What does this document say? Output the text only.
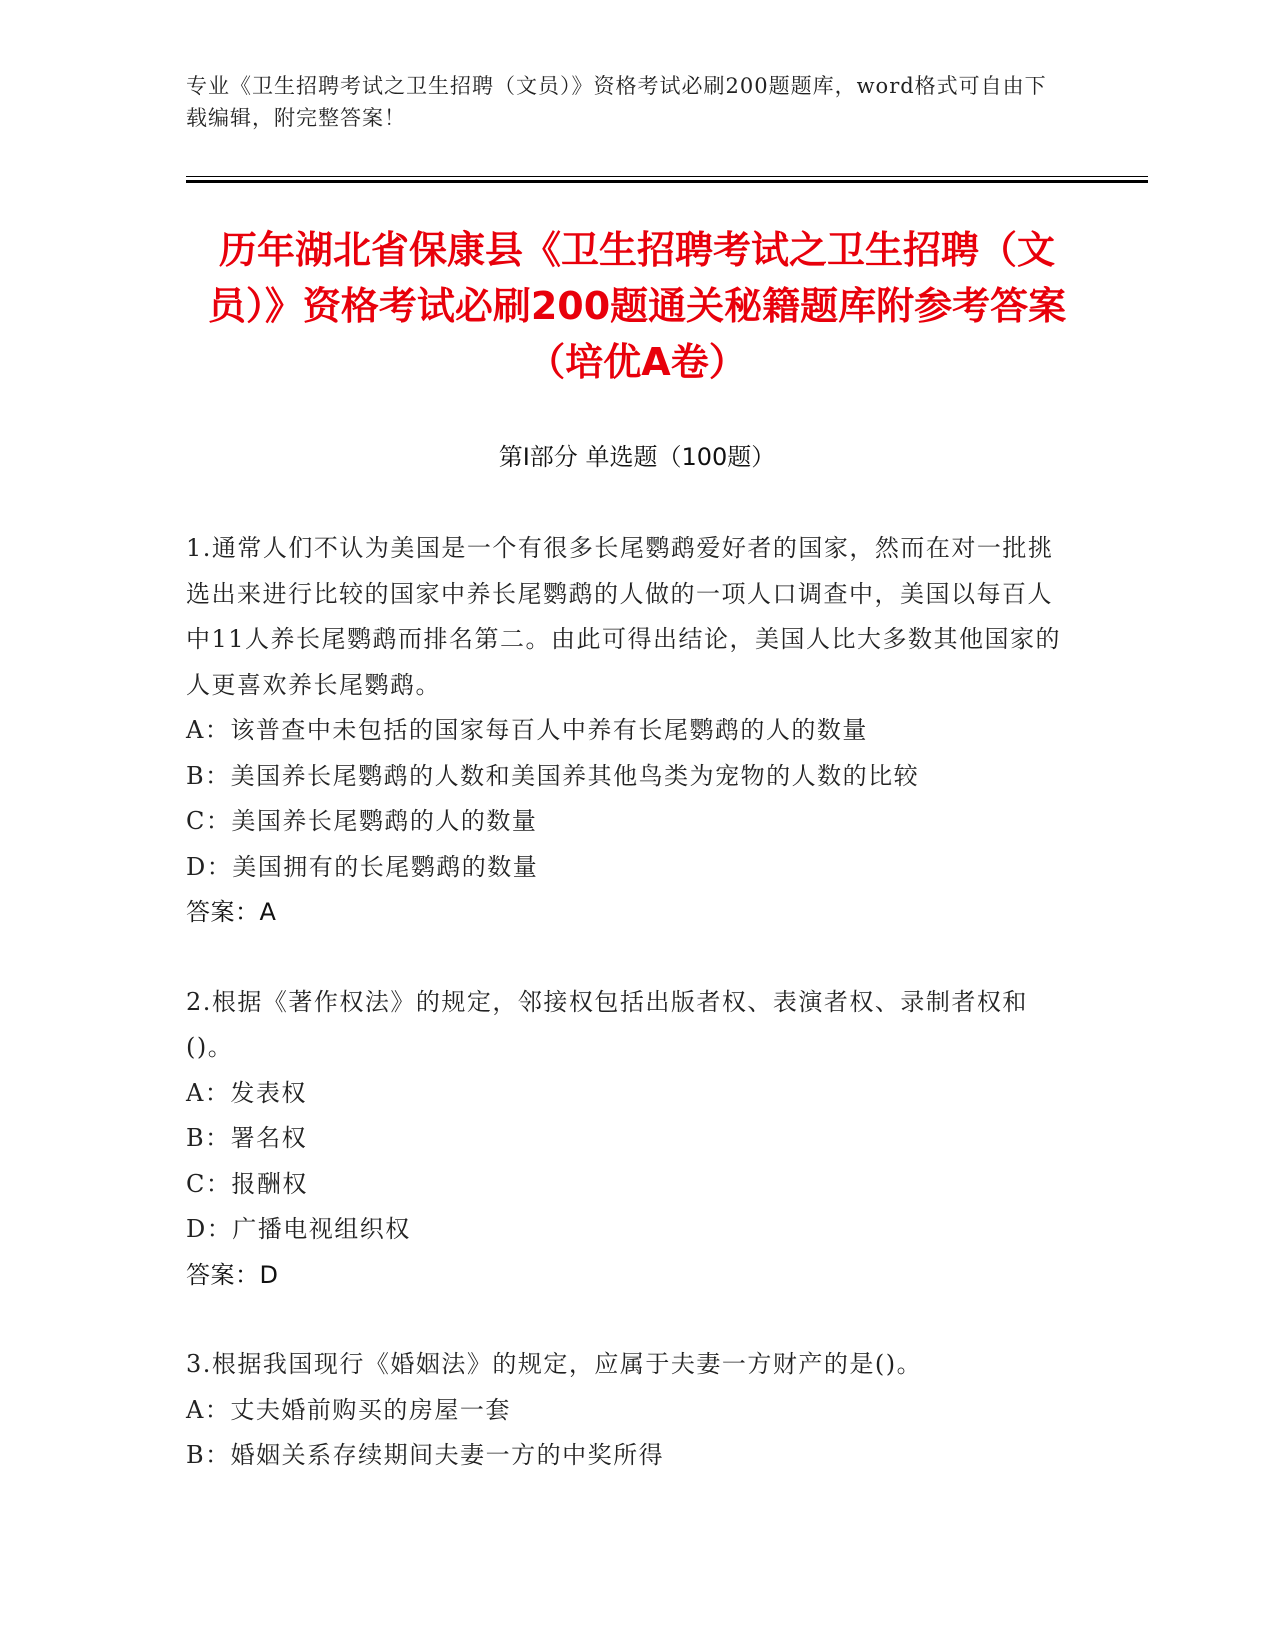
专业《卫生招聘考试之卫生招聘（文员）》资格考试必刷200题题库，word格式可自由下载编辑，附完整答案！
历年湖北省保康县《卫生招聘考试之卫生招聘（文员）》资格考试必刷200题通关秘籍题库附参考答案（培优A卷）
第Ⅰ部分 单选题（100题）
1.通常人们不认为美国是一个有很多长尾鹦鹉爱好者的国家，然而在对一批挑选出来进行比较的国家中养长尾鹦鹉的人做的一项人口调查中，美国以每百人中11人养长尾鹦鹉而排名第二。由此可得出结论，美国人比大多数其他国家的人更喜欢养长尾鹦鹉。
A：该普查中未包括的国家每百人中养有长尾鹦鹉的人的数量
B：美国养长尾鹦鹉的人数和美国养其他鸟类为宠物的人数的比较
C：美国养长尾鹦鹉的人的数量
D：美国拥有的长尾鹦鹉的数量
答案：A
2.根据《著作权法》的规定，邻接权包括出版者权、表演者权、录制者权和()。
A：发表权
B：署名权
C：报酬权
D：广播电视组织权
答案：D
3.根据我国现行《婚姻法》的规定，应属于夫妻一方财产的是()。
A：丈夫婚前购买的房屋一套
B：婚姻关系存续期间夫妻一方的中奖所得
